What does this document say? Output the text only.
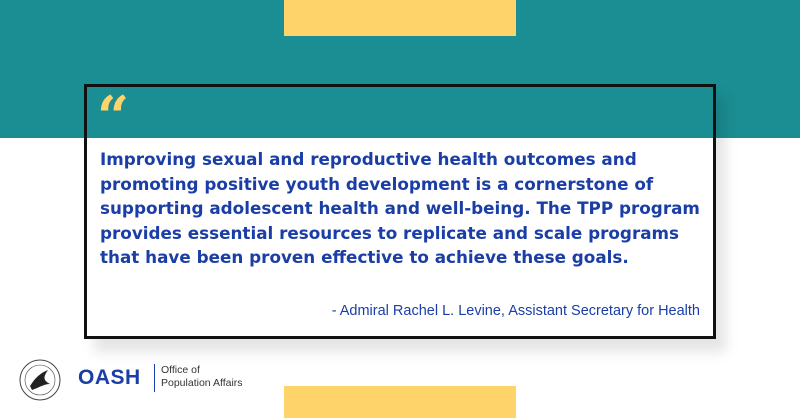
“

Improving sexual and reproductive health outcomes and promoting positive youth development is a cornerstone of supporting adolescent health and well-being. The TPP program provides essential resources to replicate and scale programs that have been proven effective to achieve these goals.

- Admiral Rachel L. Levine, Assistant Secretary for Health
OASH Office of
Population Affairs
